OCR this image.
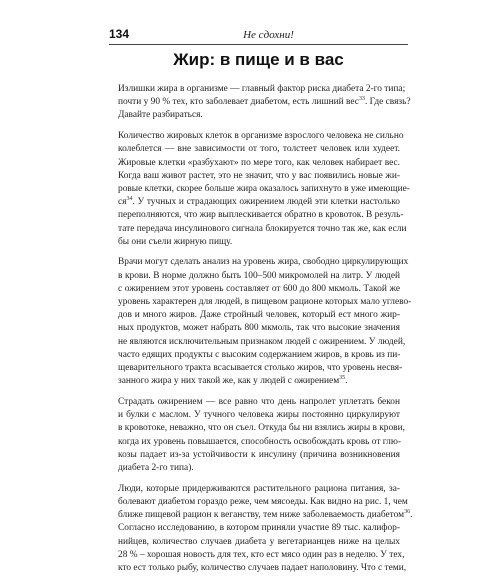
134	Не сдохни!
Жир: в пище и в вас

Излишки жира в организме — главный фактор риска диабета 2-го типа;
почти у 90 % тех, кто заболевает диабетом, есть лишний вес$^{33}$. Где связь?
Давайте разбираться.

Количество жировых клеток в организме взрослого человека не сильно
колеблется — вне зависимости от того, толстеет человек или худеет.
Жировые клетки «разбухают» по мере того, как человек набирает вес.
Когда ваш живот растет, это не значит, что у вас появились новые жи-
ровые клетки, скорее больше жира оказалось запихнуто в уже имеющие-
$ся^{34}$. У тучных и страдающих ожирением людей эти клетки настолько
переполняются, что жир выплескивается обратно в кровоток. В резуль-
тате передача инсулинового сигнала блокируется точно так же, как если
бы они съели жирную пищу.

Врачи могут сделать анализ на уровень жира, свободно циркулирующих
в крови. В норме должно быть 100–500 микромолей на литр. У людей
с ожирением этот уровень составляет от 600 до 800 мкмоль. Такой же
уровень характерен для людей, в пищевом рационе которых мало углево-
дов и много жиров. Даже стройный человек, который ест много жир-
ных продуктов, может набрать 800 мкмоль, так что высокие значения
не являются исключительным признаком людей с ожирением. У людей,
часто едящих продукты с высоким содержанием жиров, в кровь из пи-
щеварительного тракта всасывается столько жиров, что уровень несвя-
занного жира у них такой же, как у людей с ожирением$^{35}$.

Страдать ожирением — все равно что день напролет уплетать бекон
и булки с маслом. У тучного человека жиры постоянно циркулируют
в кровотоке, неважно, что он съел. Откуда бы ни взялись жиры в крови,
когда их уровень повышается, способность освобождать кровь от глю-
козы падает из-за устойчивости к инсулину (причина возникновения
диабета 2-го типа).

Люди, которые придерживаются растительного рациона питания, за-
болевают диабетом гораздо реже, чем мясоеды. Как видно на рис. 1, чем
ближе пищевой рацион к веганству, тем ниже заболеваемость диабетом$^{36}$.
Согласно исследованию, в котором приняли участие 89 тыс. калифор-
нийцев, количество случаев диабета у вегетарианцев ниже на целых
28 % – хорошая новость для тех, кто ест мясо один раз в неделю. У тех,
кто ест только рыбу, количество случаев падает наполовину. Что с теми,
